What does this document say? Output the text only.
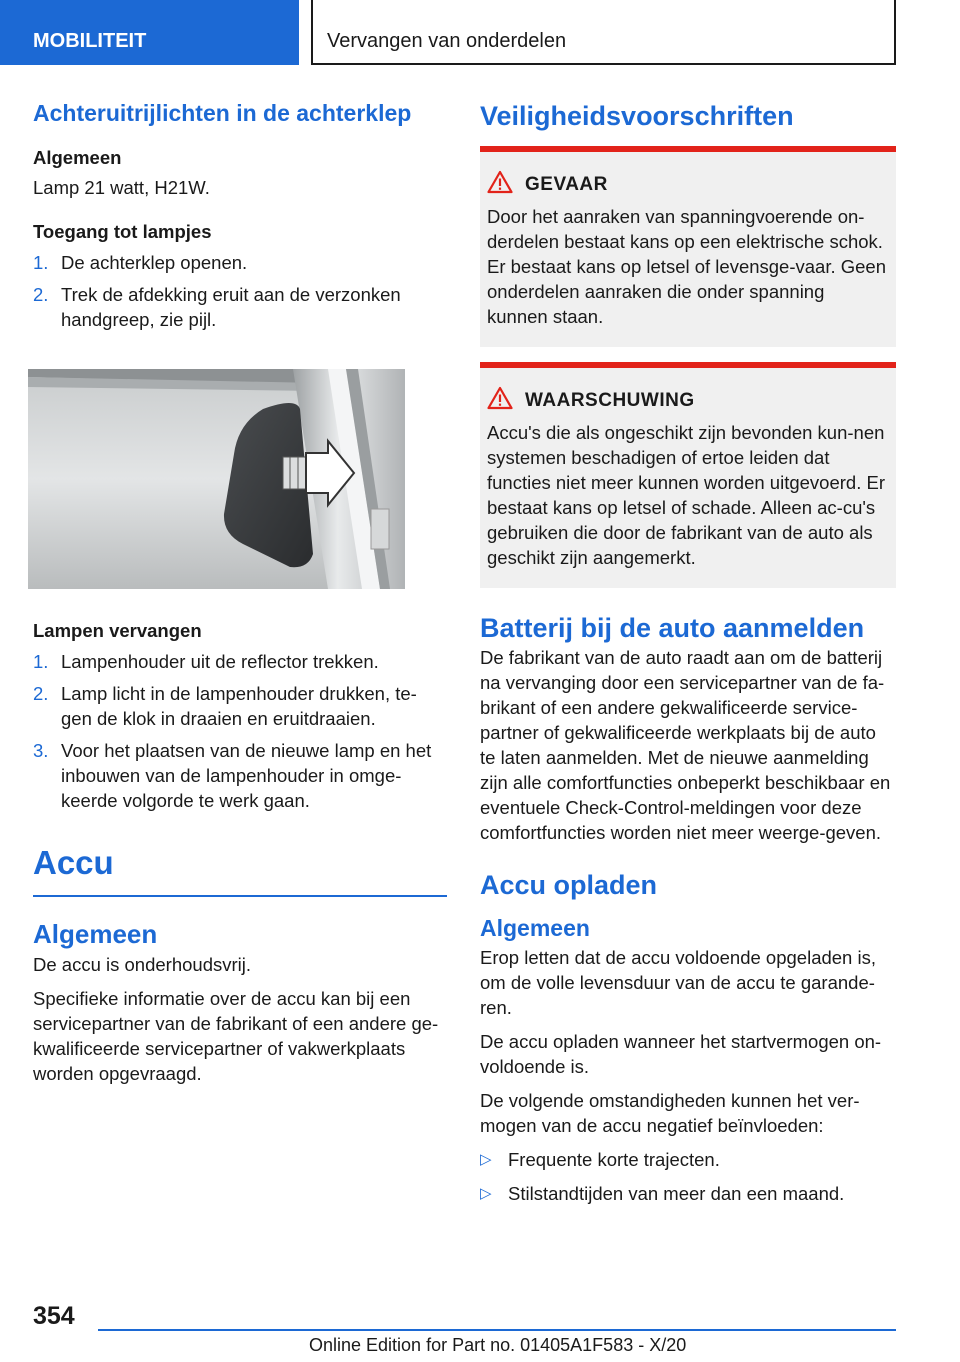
MOBILITEIT	Vervangen van onderdelen
Achteruitrijlichten in de achterklep
Algemeen

Lamp 21 watt, H21W.

Toegang tot lampjes
1. De achterklep openen.
2. Trek de afdekking eruit aan de verzonken handgreep, zie pijl.
Lampen vervangen
1. Lampenhouder uit de reflector trekken.
2. Lamp licht in de lampenhouder drukken, te-gen de klok in draaien en eruitdraaien.
3. Voor het plaatsen van de nieuwe lamp en het inbouwen van de lampenhouder in omge-keerde volgorde te werk gaan.
Accu
Algemeen

De accu is onderhoudsvrij.

Specifieke informatie over de accu kan bij een servicepartner van de fabrikant of een andere ge-kwalificeerde servicepartner of vakwerkplaats worden opgevraagd.

Veiligheidsvoorschriften
GEVAAR

Door het aanraken van spanningvoerende on-derdelen bestaat kans op een elektrische schok. Er bestaat kans op letsel of levensge-vaar. Geen onderdelen aanraken die onder spanning kunnen staan.

WAARSCHUWING

Accu's die als ongeschikt zijn bevonden kun-nen systemen beschadigen of ertoe leiden dat functies niet meer kunnen worden uitgevoerd. Er bestaat kans op letsel of schade. Alleen ac-cu's gebruiken die door de fabrikant van de auto als geschikt zijn aangemerkt.

Batterij bij de auto aanmelden

De fabrikant van de auto raadt aan om de batterij na vervanging door een servicepartner van de fa-brikant of een andere gekwalificeerde service-partner of gekwalificeerde werkplaats bij de auto te laten aanmelden. Met de nieuwe aanmelding zijn alle comfortfuncties onbeperkt beschikbaar en eventuele Check-Control-meldingen voor deze comfortfuncties worden niet meer weerge-geven.

Accu opladen
Algemeen

Erop letten dat de accu voldoende opgeladen is, om de volle levensduur van de accu te garande-ren.

De accu opladen wanneer het startvermogen on-voldoende is.

De volgende omstandigheden kunnen het ver-mogen van de accu negatief beïnvloeden:

▷ Frequente korte trajecten.
▷ Stilstandtijden van meer dan een maand.
354
Online Edition for Part no. 01405A1F583 - X/20
